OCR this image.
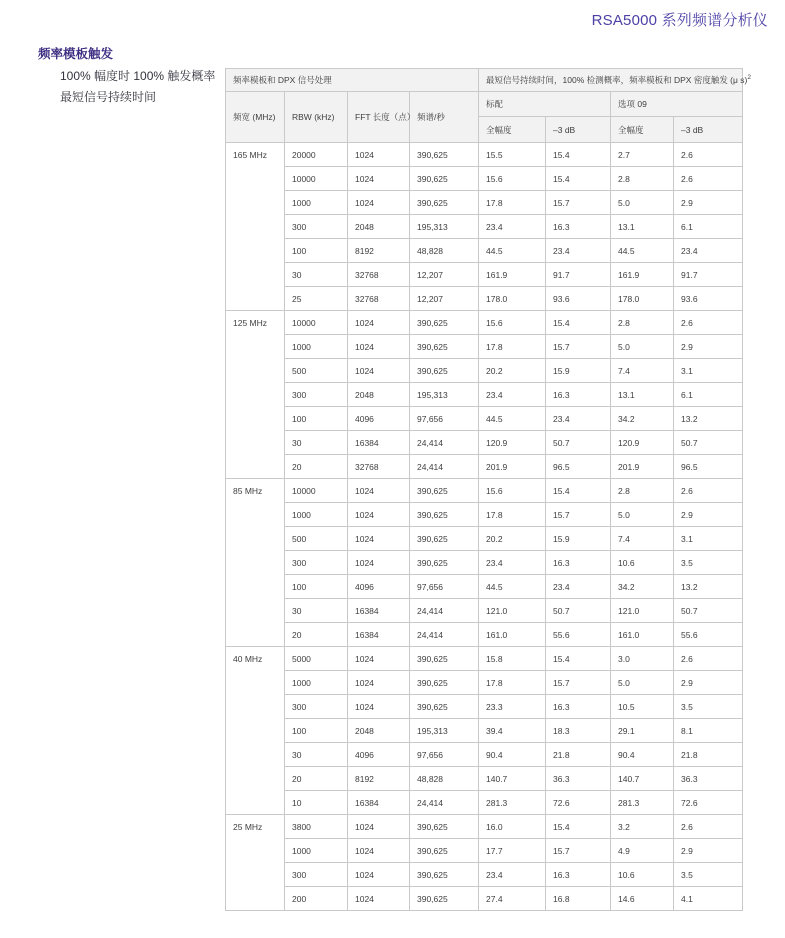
RSA5000 系列频谱分析仪
频率模板触发
100% 幅度时 100% 触发概率
最短信号持续时间
频率模板和 DPX 信号处理				最短信号持续时间，100% 检测概率，频率模板和 DPX 密度触发 (μ s)$^2$
频宽 (MHz)	RBW (kHz)	FFT 长度（点）	频谱/秒	标配		选项 09	
				全幅度	–3 dB	全幅度	–3 dB
165 MHz	20000	1024	390,625	15.5	15.4	2.7	2.6
	10000	1024	390,625	15.6	15.4	2.8	2.6
	1000	1024	390,625	17.8	15.7	5.0	2.9
	300	2048	195,313	23.4	16.3	13.1	6.1
	100	8192	48,828	44.5	23.4	44.5	23.4
	30	32768	12,207	161.9	91.7	161.9	91.7
	25	32768	12,207	178.0	93.6	178.0	93.6
125 MHz	10000	1024	390,625	15.6	15.4	2.8	2.6
	1000	1024	390,625	17.8	15.7	5.0	2.9
	500	1024	390,625	20.2	15.9	7.4	3.1
	300	2048	195,313	23.4	16.3	13.1	6.1
	100	4096	97,656	44.5	23.4	34.2	13.2
	30	16384	24,414	120.9	50.7	120.9	50.7
	20	32768	24,414	201.9	96.5	201.9	96.5
85 MHz	10000	1024	390,625	15.6	15.4	2.8	2.6
	1000	1024	390,625	17.8	15.7	5.0	2.9
	500	1024	390,625	20.2	15.9	7.4	3.1
	300	1024	390,625	23.4	16.3	10.6	3.5
	100	4096	97,656	44.5	23.4	34.2	13.2
	30	16384	24,414	121.0	50.7	121.0	50.7
	20	16384	24,414	161.0	55.6	161.0	55.6
40 MHz	5000	1024	390,625	15.8	15.4	3.0	2.6
	1000	1024	390,625	17.8	15.7	5.0	2.9
	300	1024	390,625	23.3	16.3	10.5	3.5
	100	2048	195,313	39.4	18.3	29.1	8.1
	30	4096	97,656	90.4	21.8	90.4	21.8
	20	8192	48,828	140.7	36.3	140.7	36.3
	10	16384	24,414	281.3	72.6	281.3	72.6
25 MHz	3800	1024	390,625	16.0	15.4	3.2	2.6
	1000	1024	390,625	17.7	15.7	4.9	2.9
	300	1024	390,625	23.4	16.3	10.6	3.5
	200	1024	390,625	27.4	16.8	14.6	4.1
